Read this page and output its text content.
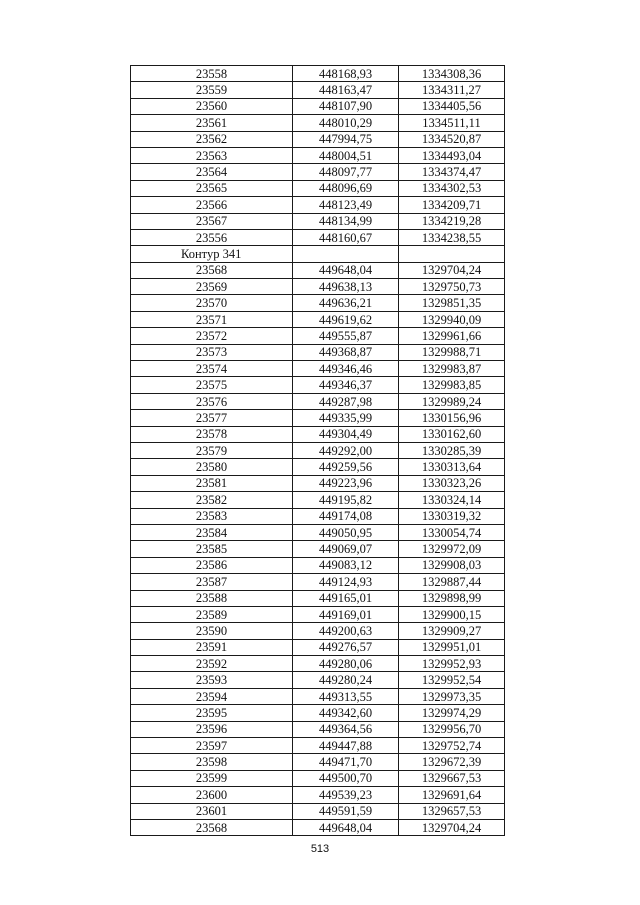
23558	448168,93	1334308,36
23559	448163,47	1334311,27
23560	448107,90	1334405,56
23561	448010,29	1334511,11
23562	447994,75	1334520,87
23563	448004,51	1334493,04
23564	448097,77	1334374,47
23565	448096,69	1334302,53
23566	448123,49	1334209,71
23567	448134,99	1334219,28
23556	448160,67	1334238,55
Контур 341		
23568	449648,04	1329704,24
23569	449638,13	1329750,73
23570	449636,21	1329851,35
23571	449619,62	1329940,09
23572	449555,87	1329961,66
23573	449368,87	1329988,71
23574	449346,46	1329983,87
23575	449346,37	1329983,85
23576	449287,98	1329989,24
23577	449335,99	1330156,96
23578	449304,49	1330162,60
23579	449292,00	1330285,39
23580	449259,56	1330313,64
23581	449223,96	1330323,26
23582	449195,82	1330324,14
23583	449174,08	1330319,32
23584	449050,95	1330054,74
23585	449069,07	1329972,09
23586	449083,12	1329908,03
23587	449124,93	1329887,44
23588	449165,01	1329898,99
23589	449169,01	1329900,15
23590	449200,63	1329909,27
23591	449276,57	1329951,01
23592	449280,06	1329952,93
23593	449280,24	1329952,54
23594	449313,55	1329973,35
23595	449342,60	1329974,29
23596	449364,56	1329956,70
23597	449447,88	1329752,74
23598	449471,70	1329672,39
23599	449500,70	1329667,53
23600	449539,23	1329691,64
23601	449591,59	1329657,53
23568	449648,04	1329704,24
513
